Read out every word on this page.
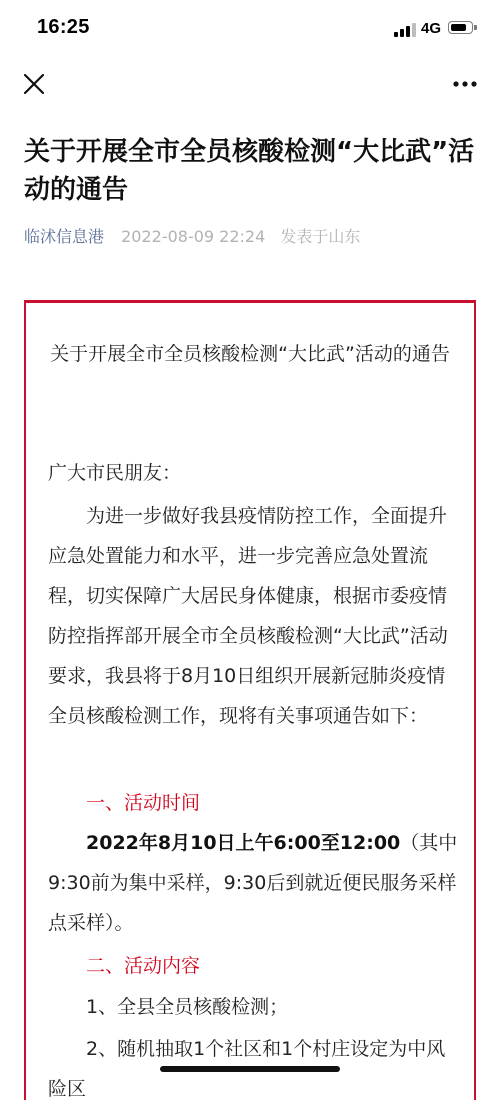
16:25	4G
关于开展全市全员核酸检测“大比武”活动的通告
临沭信息港 2022-08-09 22:24 发表于山东
关于开展全市全员核酸检测“大比武”活动的通告
广大市民朋友：
为进一步做好我县疫情防控工作，全面提升应急处置能力和水平，进一步完善应急处置流程，切实保障广大居民身体健康，根据市委疫情防控指挥部开展全市全员核酸检测“大比武”活动要求，我县将于8月10日组织开展新冠肺炎疫情全员核酸检测工作，现将有关事项通告如下：
一、活动时间
2022年8月10日上午6:00至12:00（其中9:30前为集中采样，9:30后到就近便民服务采样点采样）。
二、活动内容
1、全县全员核酸检测；
2、随机抽取1个社区和1个村庄设定为中风险区
